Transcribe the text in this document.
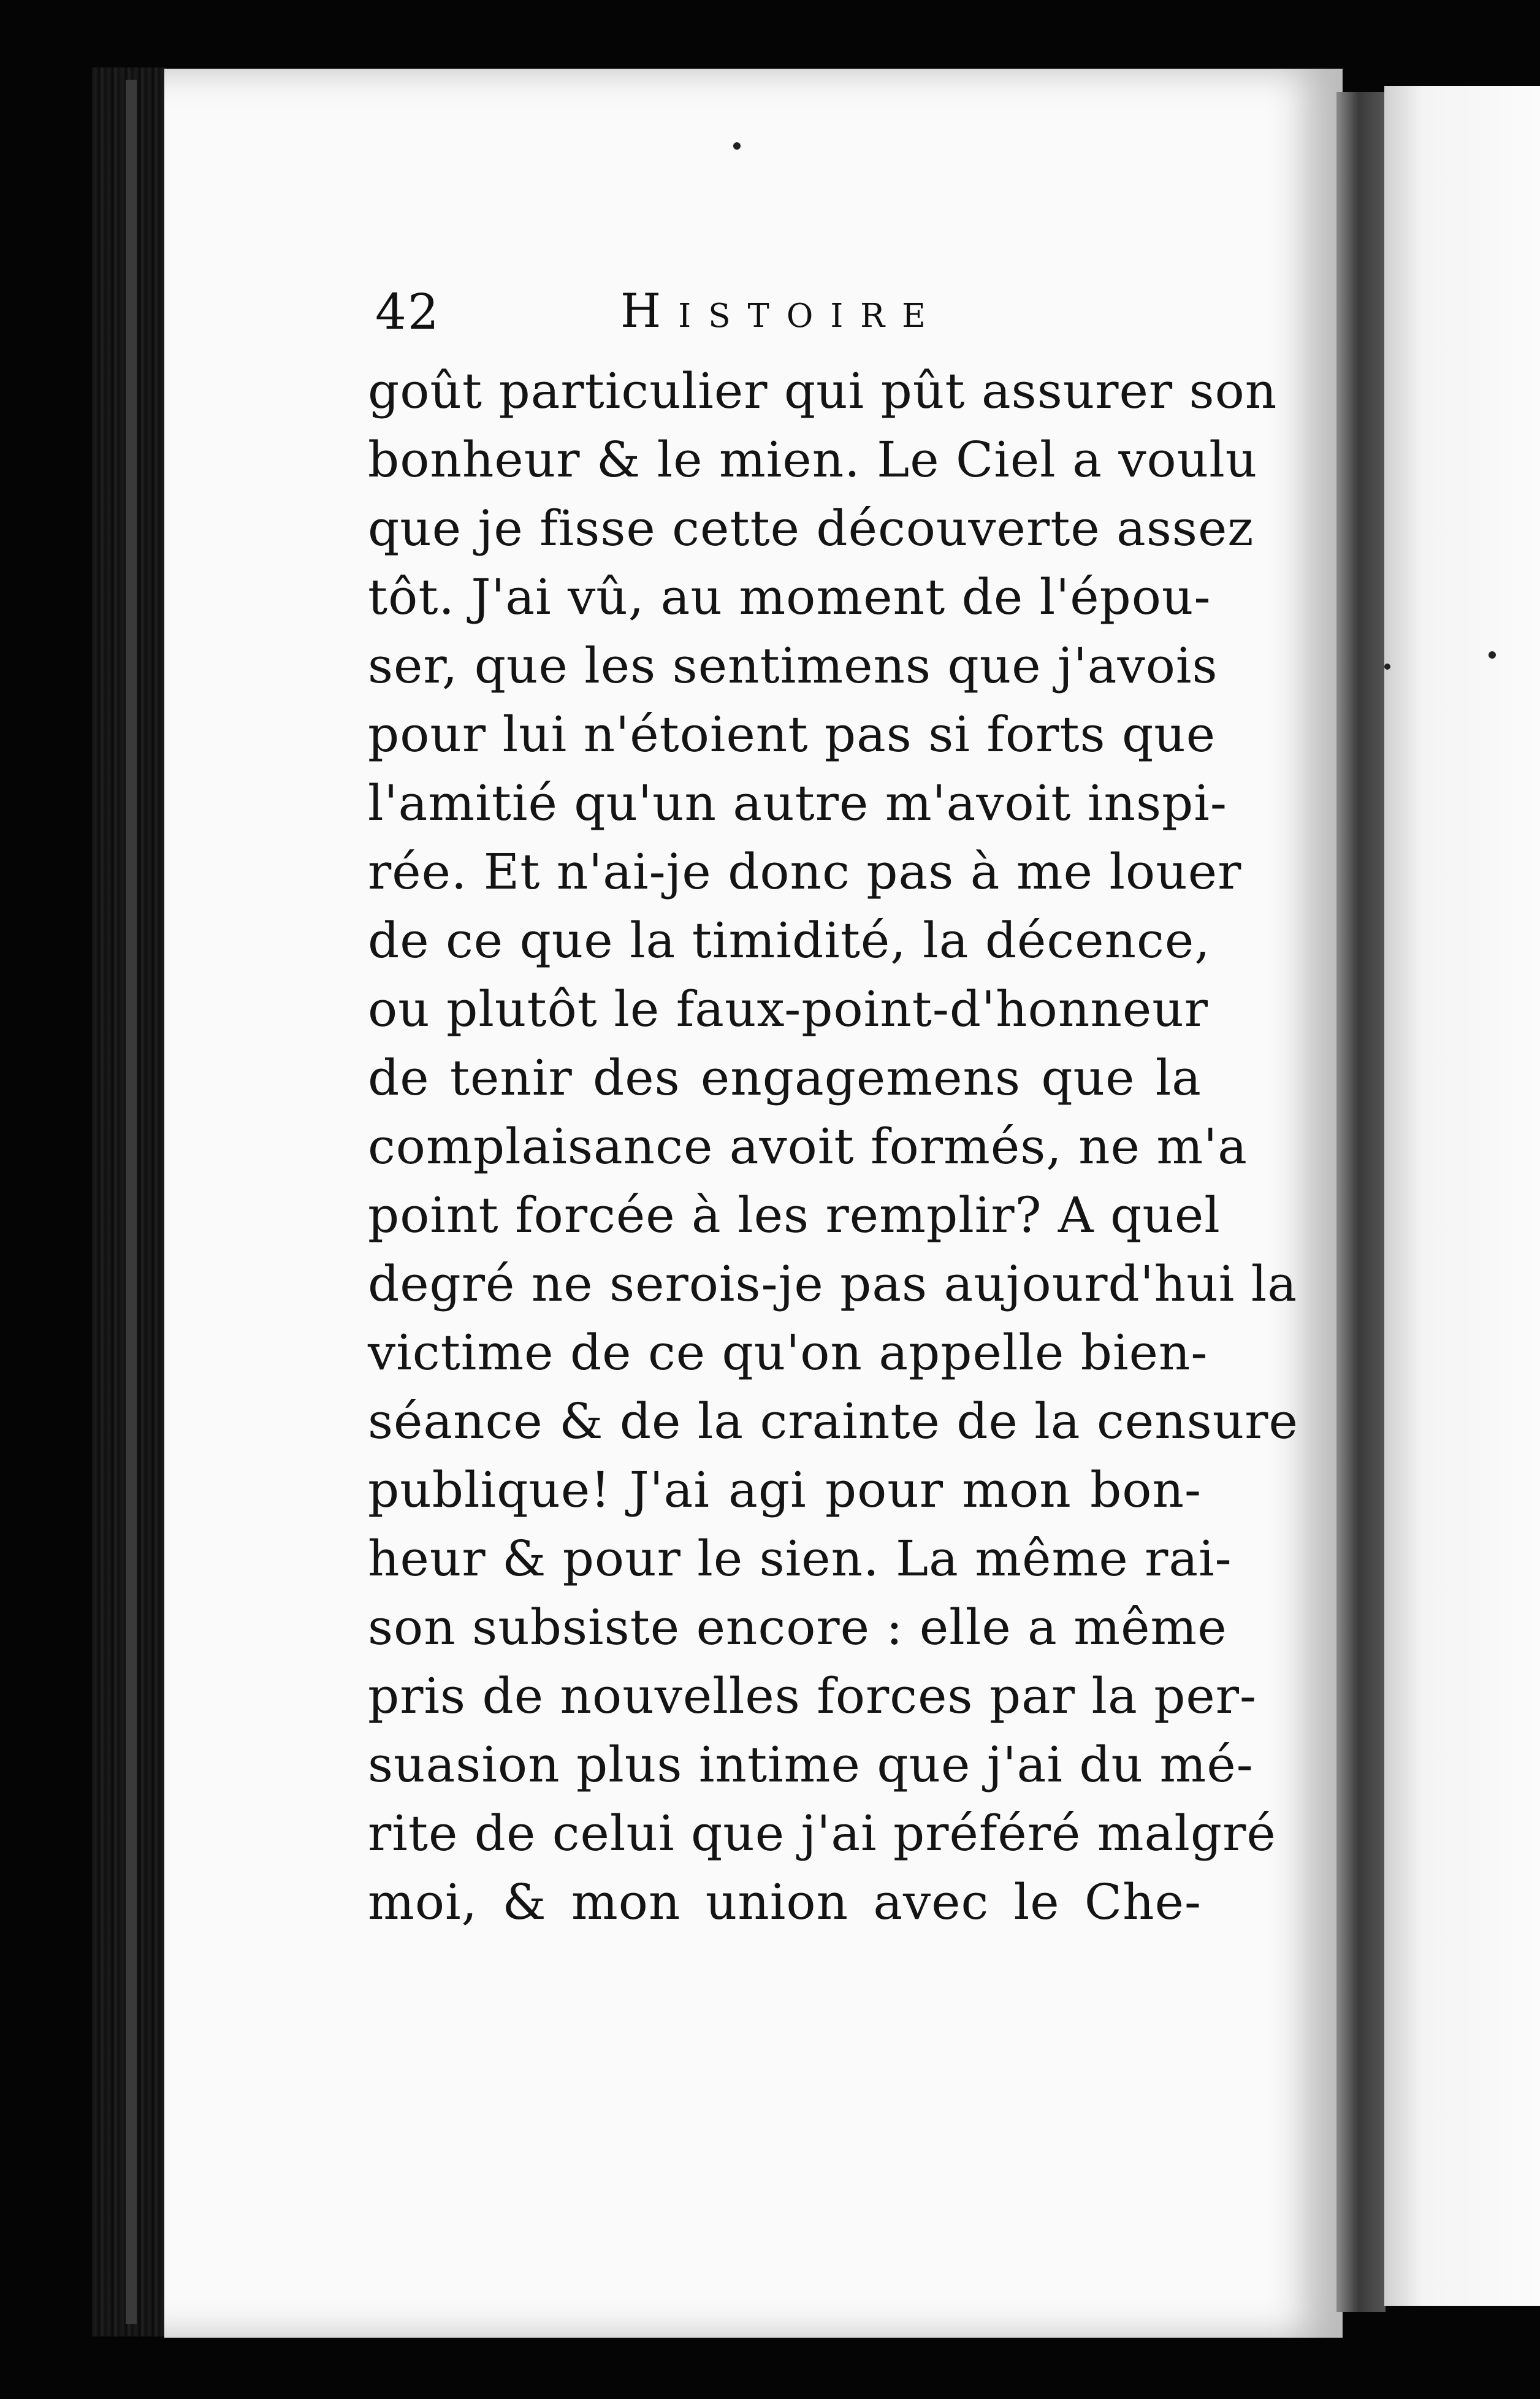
42	Histoire
goût particulier qui pût assurer son
bonheur & le mien. Le Ciel a voulu
que je fisse cette découverte assez
tôt. J'ai vû, au moment de l'épou-
ser, que les sentimens que j'avois
pour lui n'étoient pas si forts que
l'amitié qu'un autre m'avoit inspi-
rée. Et n'ai-je donc pas à me louer
de ce que la timidité, la décence,
ou plutôt le faux-point-d'honneur
de tenir des engagemens que la
complaisance avoit formés, ne m'a
point forcée à les remplir? A quel
degré ne serois-je pas aujourd'hui la
victime de ce qu'on appelle bien-
séance & de la crainte de la censure
publique! J'ai agi pour mon bon-
heur & pour le sien. La même rai-
son subsiste encore : elle a même
pris de nouvelles forces par la per-
suasion plus intime que j'ai du mé-
rite de celui que j'ai préféré malgré
moi, & mon union avec le Che-
